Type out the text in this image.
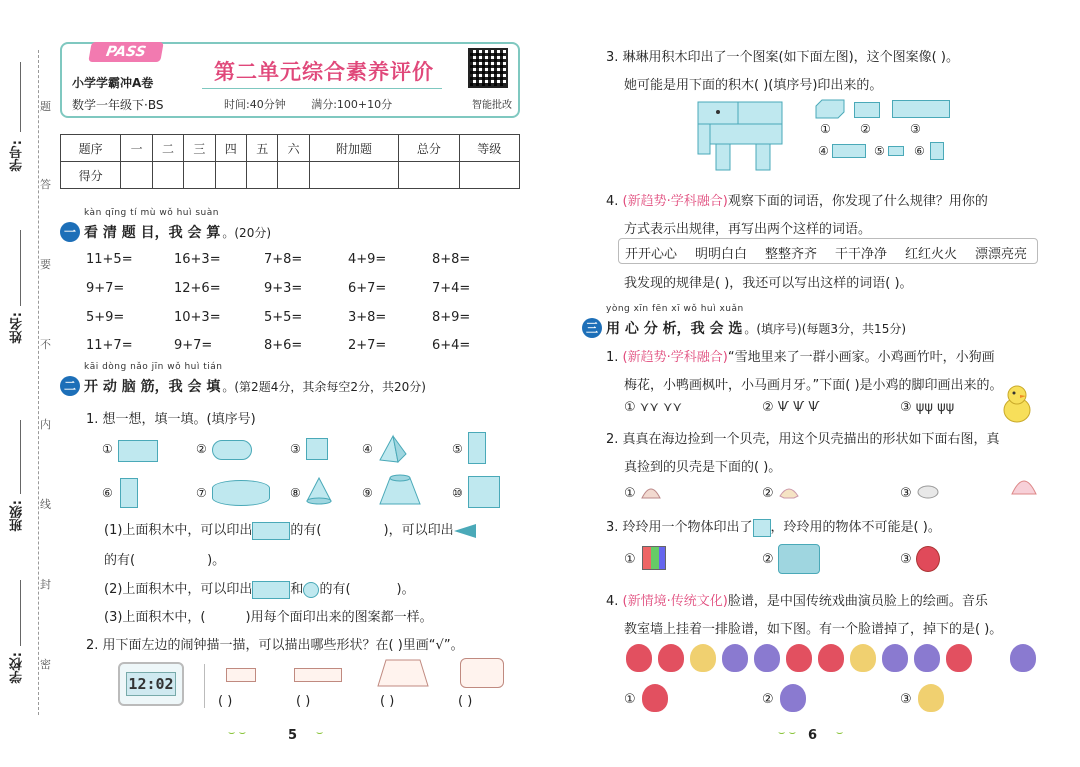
学号:
姓名:
班级:
学校:
题
答
要
不
内
线
封
密
PASS
小学学霸冲A卷
数学一年级下·BS
第二单元综合素养评价
时间:40分钟 满分:100+10分	智能批改
题序	一	二	三	四	五	六	附加题	总分	等级
得分									
一
kàn qīng tí mù wǒ huì suàn
看 清 题 目，我 会 算 。(20分)
11+5=	16+3=	7+8=	4+9=	8+8=
9+7=	12+6=	9+3=	6+7=	7+4=
5+9=	10+3=	5+5=	3+8=	8+9=
11+7=	9+7=	8+6=	2+7=	6+4=
二
kāi dòng nǎo jīn wǒ huì tián
开 动 脑 筋，我 会 填 。(第2题4分，其余每空2分，共20分)
1. 想一想，填一填。(填序号)
①	②	③	④	⑤
⑥	⑦	⑧	⑨	⑩
(1)上面积木中，可以印出	的有(	)，可以印出
的有(	)。
(2)上面积木中，可以印出	和 的有(	)。
(3)上面积木中，(	)用每个面印出来的图案都一样。
2. 用下面左边的闹钟描一描，可以描出哪些形状？在( )里画“√”。
12:02
( )	( )	( )	( )
⌣ ⌣	5 ⌣
3. 琳琳用积木印出了一个图案(如下面左图)，这个图案像( )。
她可能是用下面的积木( )(填序号)印出来的。
① ②	③
④	⑤ ⑥
4. (新趋势·学科融合)观察下面的词语，你发现了什么规律？用你的
方式表示出规律，再写出两个这样的词语。
开开心心 明明白白 整整齐齐 干干净净 红红火火 漂漂亮亮
我发现的规律是( )，我还可以写出这样的词语( )。
三
yòng xīn fēn xī wǒ huì xuǎn
用 心 分 析，我 会 选 。(填序号)(每题3分，共15分)
1. (新趋势·学科融合)“雪地里来了一群小画家。小鸡画竹叶，小狗画
梅花，小鸭画枫叶，小马画月牙。”下面( )是小鸡的脚印画出来的。
① ⋎⋎ ⋎⋎	② Ѱ Ѱ Ѱ	③ ψψ ψψ
2. 真真在海边捡到一个贝壳，用这个贝壳描出的形状如下面右图，真
真捡到的贝壳是下面的( )。
①	②	③
3. 玲玲用一个物体印出了 ，玲玲用的物体不可能是( )。
①	②	③
4. (新情境·传统文化)脸谱，是中国传统戏曲演员脸上的绘画。音乐
教室墙上挂着一排脸谱，如下图。有一个脸谱掉了，掉下的是( )。
①	②	③
⌣ ⌣ 6 ⌣
